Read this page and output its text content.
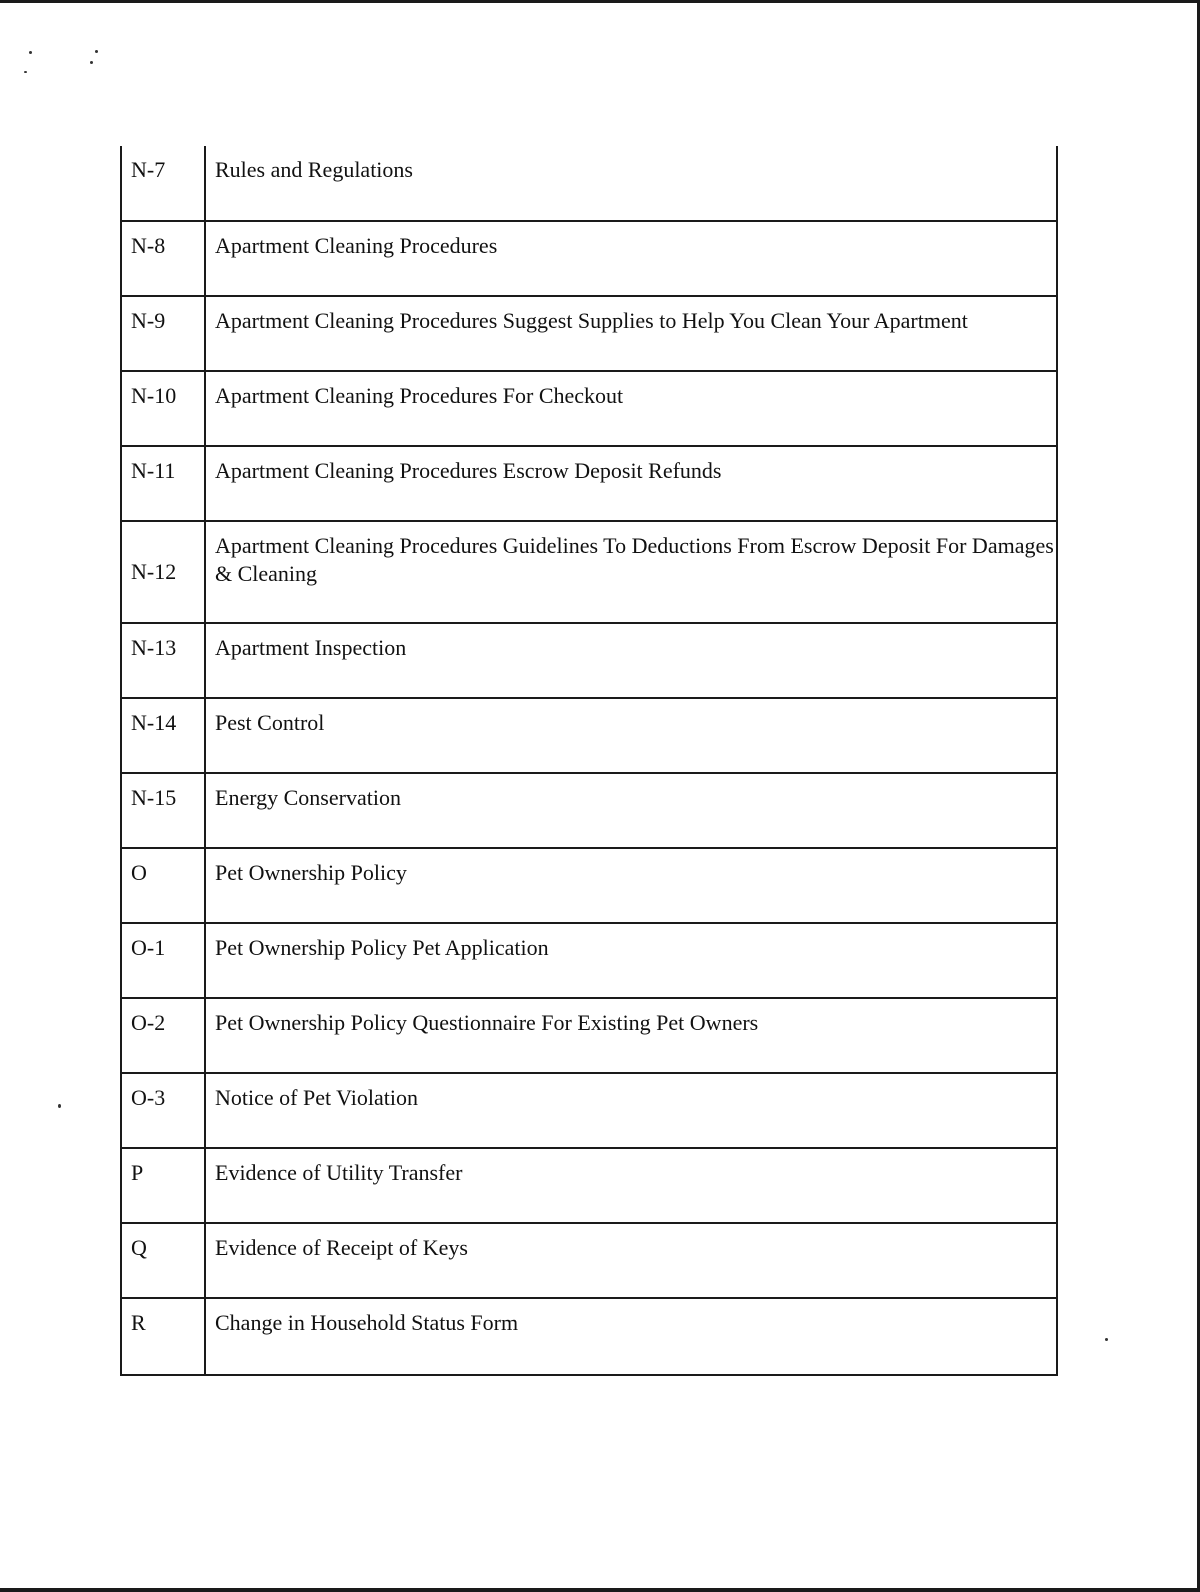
N-7	Rules and Regulations
N-8	Apartment Cleaning Procedures
N-9	Apartment Cleaning Procedures Suggest Supplies to Help You Clean Your Apartment
N-10	Apartment Cleaning Procedures For Checkout
N-11	Apartment Cleaning Procedures Escrow Deposit Refunds
N-12	Apartment Cleaning Procedures Guidelines To Deductions From Escrow Deposit For Damages & Cleaning
N-13	Apartment Inspection
N-14	Pest Control
N-15	Energy Conservation
O	Pet Ownership Policy
O-1	Pet Ownership Policy Pet Application
O-2	Pet Ownership Policy Questionnaire For Existing Pet Owners
O-3	Notice of Pet Violation
P	Evidence of Utility Transfer
Q	Evidence of Receipt of Keys
R	Change in Household Status Form
